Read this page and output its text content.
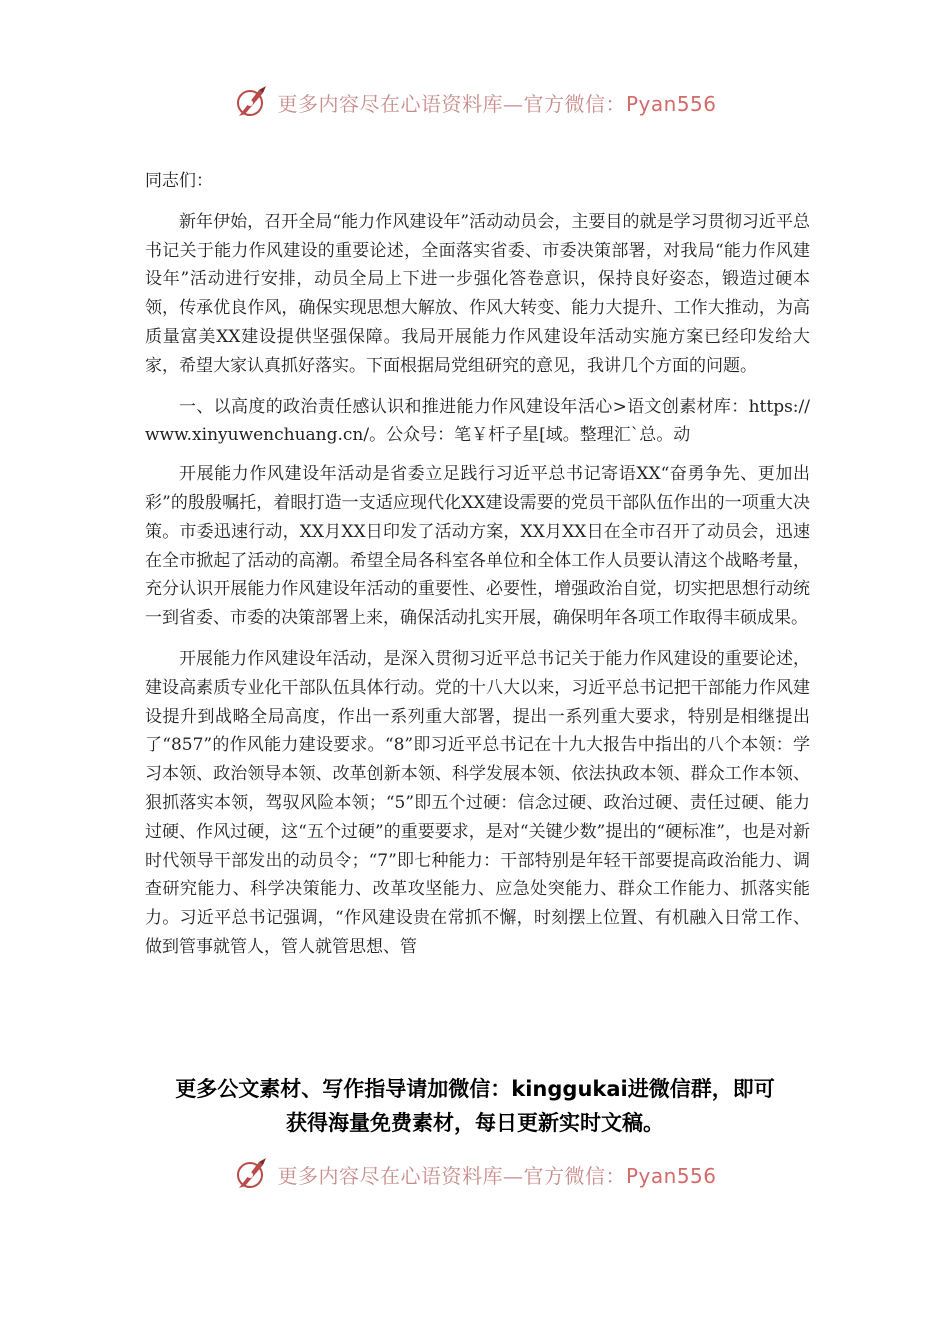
更多内容尽在心语资料库—官方微信：Pyan556

同志们：

新年伊始，召开全局“能力作风建设年”活动动员会，主要目的就是学习贯彻习近平总书记关于能力作风建设的重要论述，全面落实省委、市委决策部署，对我局“能力作风建设年”活动进行安排，动员全局上下进一步强化答卷意识，保持良好姿态，锻造过硬本领，传承优良作风，确保实现思想大解放、作风大转变、能力大提升、工作大推动，为高质量富美XX建设提供坚强保障。我局开展能力作风建设年活动实施方案已经印发给大家，希望大家认真抓好落实。下面根据局党组研究的意见，我讲几个方面的问题。

一、以高度的政治责任感认识和推进能力作风建设年活心>语文创素材库：https://www.xinyuwenchuang.cn/。公众号：笔￥杆子星[域。整理汇`总。动

开展能力作风建设年活动是省委立足践行习近平总书记寄语XX“奋勇争先、更加出彩”的殷殷嘱托，着眼打造一支适应现代化XX建设需要的党员干部队伍作出的一项重大决策。市委迅速行动，XX月XX日印发了活动方案，XX月XX日在全市召开了动员会，迅速在全市掀起了活动的高潮。希望全局各科室各单位和全体工作人员要认清这个战略考量，充分认识开展能力作风建设年活动的重要性、必要性，增强政治自觉，切实把思想行动统一到省委、市委的决策部署上来，确保活动扎实开展，确保明年各项工作取得丰硕成果。

开展能力作风建设年活动，是深入贯彻习近平总书记关于能力作风建设的重要论述，建设高素质专业化干部队伍具体行动。党的十八大以来，习近平总书记把干部能力作风建设提升到战略全局高度，作出一系列重大部署，提出一系列重大要求，特别是相继提出了“857”的作风能力建设要求。“8”即习近平总书记在十九大报告中指出的八个本领：学习本领、政治领导本领、改革创新本领、科学发展本领、依法执政本领、群众工作本领、狠抓落实本领，驾驭风险本领；“5”即五个过硬：信念过硬、政治过硬、责任过硬、能力过硬、作风过硬，这“五个过硬”的重要要求，是对“关键少数”提出的“硬标准”，也是对新时代领导干部发出的动员令；“7”即七种能力：干部特别是年轻干部要提高政治能力、调查研究能力、科学决策能力、改革攻坚能力、应急处突能力、群众工作能力、抓落实能力。习近平总书记强调，“作风建设贵在常抓不懈，时刻摆上位置、有机融入日常工作、做到管事就管人，管人就管思想、管

更多公文素材、写作指导请加微信：kinggukai进微信群，即可
获得海量免费素材，每日更新实时文稿。
更多内容尽在心语资料库—官方微信：Pyan556
